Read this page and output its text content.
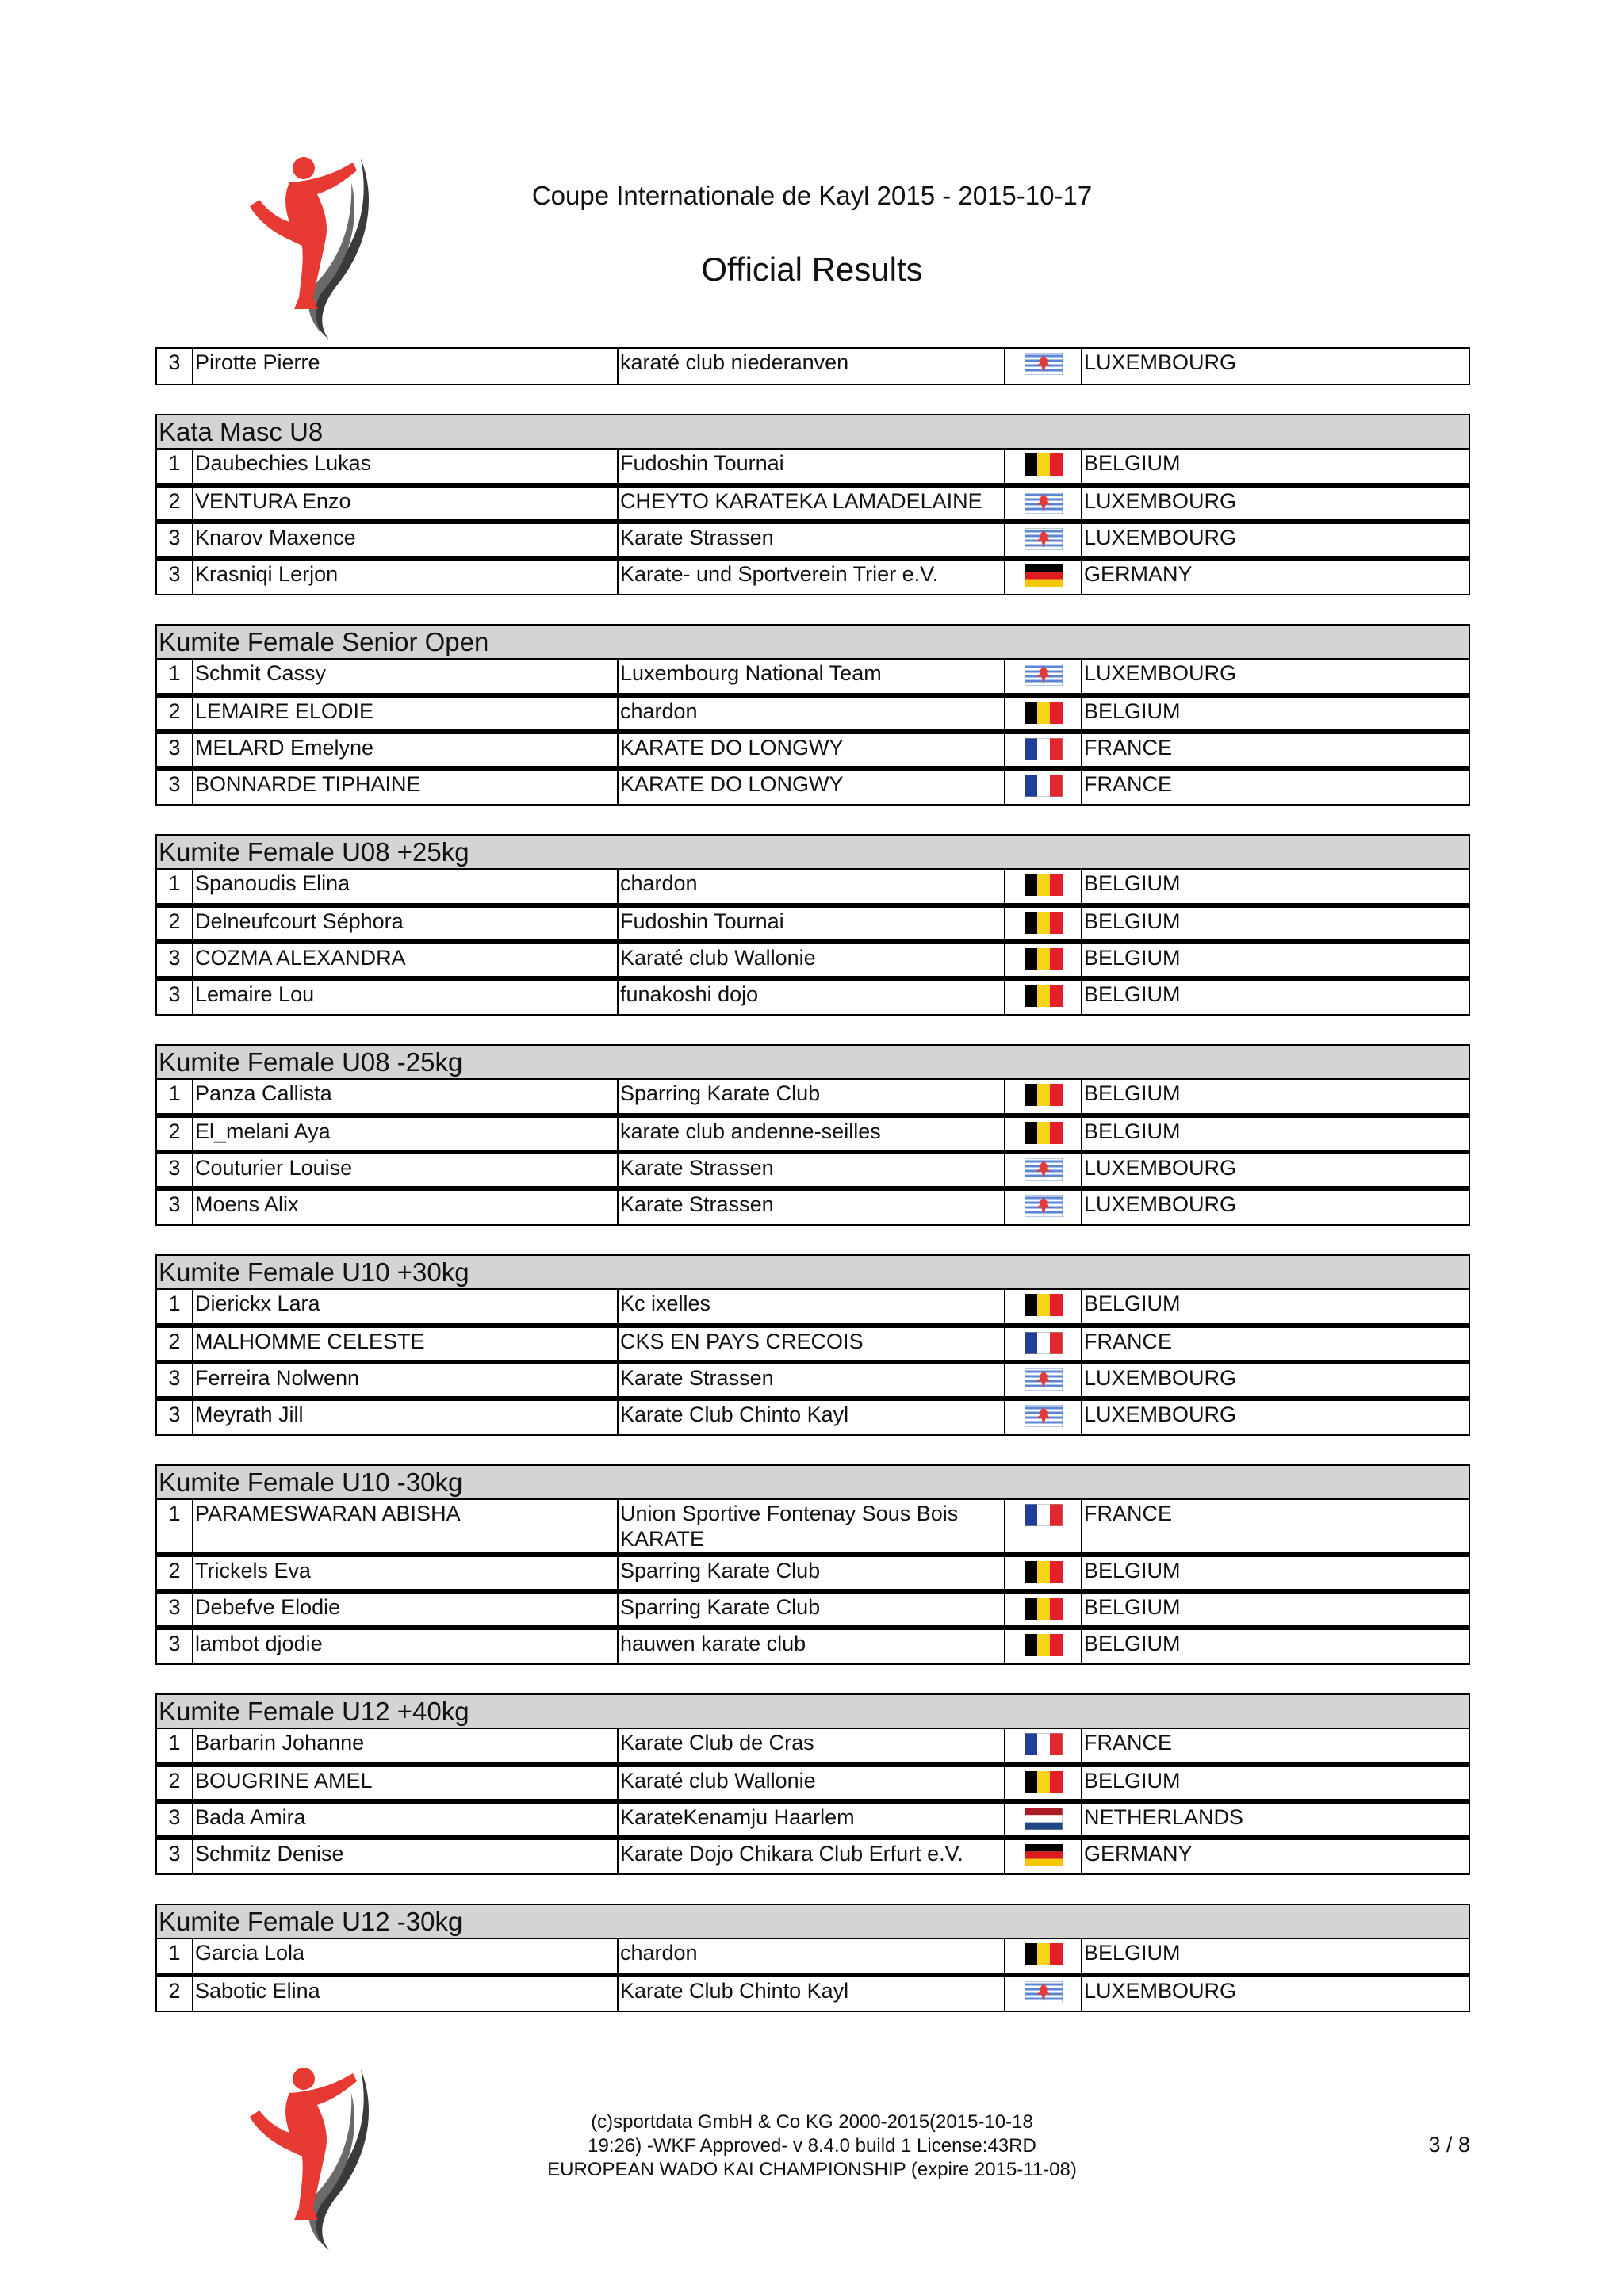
Coupe Internationale de Kayl 2015 - 2015-10-17
Official Results
3	Pirotte Pierre	karaté club niederanven		LUXEMBOURG
Kata Masc U8
1	Daubechies Lukas	Fudoshin Tournai		BELGIUM
2	VENTURA Enzo	CHEYTO KARATEKA LAMADELAINE		LUXEMBOURG
3	Knarov Maxence	Karate Strassen		LUXEMBOURG
3	Krasniqi Lerjon	Karate- und Sportverein Trier e.V.		GERMANY
Kumite Female Senior Open
1	Schmit Cassy	Luxembourg National Team		LUXEMBOURG
2	LEMAIRE ELODIE	chardon		BELGIUM
3	MELARD Emelyne	KARATE DO LONGWY		FRANCE
3	BONNARDE TIPHAINE	KARATE DO LONGWY		FRANCE
Kumite Female U08 +25kg
1	Spanoudis Elina	chardon		BELGIUM
2	Delneufcourt Séphora	Fudoshin Tournai		BELGIUM
3	COZMA ALEXANDRA	Karaté club Wallonie		BELGIUM
3	Lemaire Lou	funakoshi dojo		BELGIUM
Kumite Female U08 -25kg
1	Panza Callista	Sparring Karate Club		BELGIUM
2	El_melani Aya	karate club andenne-seilles		BELGIUM
3	Couturier Louise	Karate Strassen		LUXEMBOURG
3	Moens Alix	Karate Strassen		LUXEMBOURG
Kumite Female U10 +30kg
1	Dierickx Lara	Kc ixelles		BELGIUM
2	MALHOMME CELESTE	CKS EN PAYS CRECOIS		FRANCE
3	Ferreira Nolwenn	Karate Strassen		LUXEMBOURG
3	Meyrath Jill	Karate Club Chinto Kayl		LUXEMBOURG
Kumite Female U10 -30kg
1	PARAMESWARAN ABISHA	Union Sportive Fontenay Sous Bois KARATE		FRANCE
2	Trickels Eva	Sparring Karate Club		BELGIUM
3	Debefve Elodie	Sparring Karate Club		BELGIUM
3	lambot djodie	hauwen karate club		BELGIUM
Kumite Female U12 +40kg
1	Barbarin Johanne	Karate Club de Cras		FRANCE
2	BOUGRINE AMEL	Karaté club Wallonie		BELGIUM
3	Bada Amira	KarateKenamju Haarlem		NETHERLANDS
3	Schmitz Denise	Karate Dojo Chikara Club Erfurt e.V.		GERMANY
Kumite Female U12 -30kg
1	Garcia Lola	chardon		BELGIUM
2	Sabotic Elina	Karate Club Chinto Kayl		LUXEMBOURG
(c)sportdata GmbH & Co KG 2000-2015(2015-10-18
19:26) -WKF Approved- v 8.4.0 build 1 License:43RD
EUROPEAN WADO KAI CHAMPIONSHIP (expire 2015-11-08)
3 / 8
